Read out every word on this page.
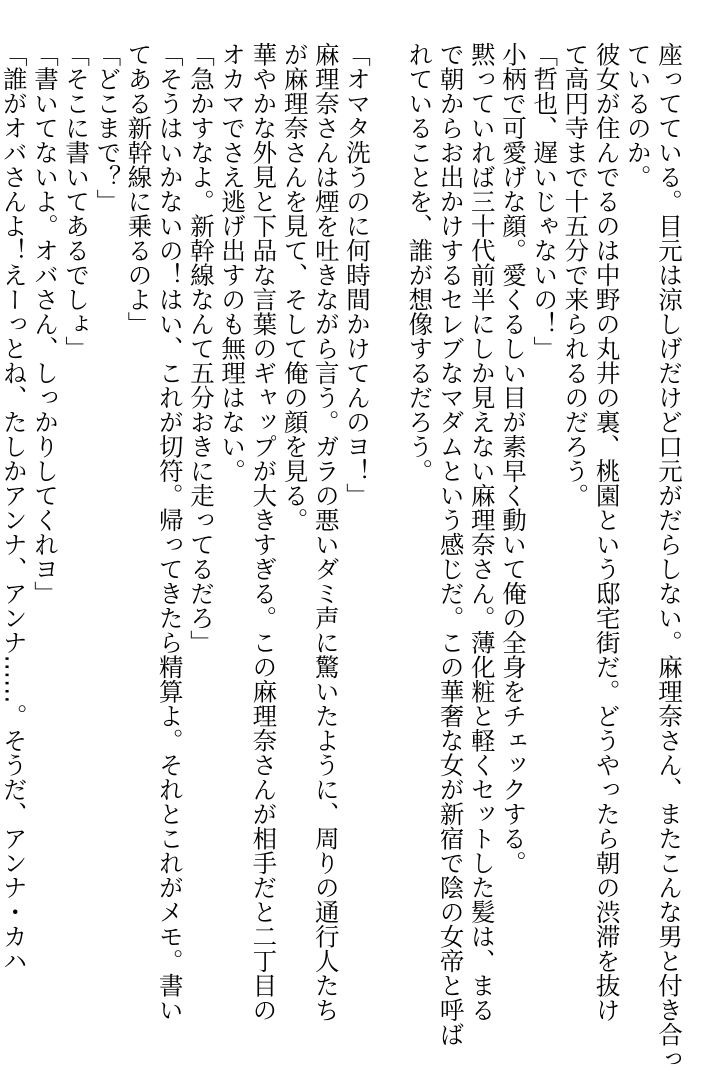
座ってている。目元は涼しげだけど口元がだらしない。麻理奈さん、またこんな男と付き合っ
ているのか。
彼女が住んでるのは中野の丸井の裏、桃園という邸宅街だ。どうやったら朝の渋滞を抜け
て高円寺まで十五分で来られるのだろう。
「哲也、遅いじゃないの！」
小柄で可愛げな顔。愛くるしい目が素早く動いて俺の全身をチェックする。
黙っていれば三十代前半にしか見えない麻理奈さん。薄化粧と軽くセットした髪は、まる
で朝からお出かけするセレブなマダムという感じだ。この華奢な女が新宿で陰の女帝と呼ば
れていることを、誰が想像するだろう。

「オマタ洗うのに何時間かけてんのヨ！」
麻理奈さんは煙を吐きながら言う。ガラの悪いダミ声に驚いたように、周りの通行人たち
が麻理奈さんを見て、そして俺の顔を見る。
華やかな外見と下品な言葉のギャップが大きすぎる。この麻理奈さんが相手だと二丁目の
オカマでさえ逃げ出すのも無理はない。
「急かすなよ。新幹線なんて五分おきに走ってるだろ」
「そうはいかないの！はい、これが切符。帰ってきたら精算よ。それとこれがメモ。書い
てある新幹線に乗るのよ」
「どこまで？」
「そこに書いてあるでしょ」
「書いてないよ。オバさん、しっかりしてくれヨ」
「誰がオバさんよ！えーっとね、たしかアンナ、アンナ……。そうだ、アンナ・カハ
